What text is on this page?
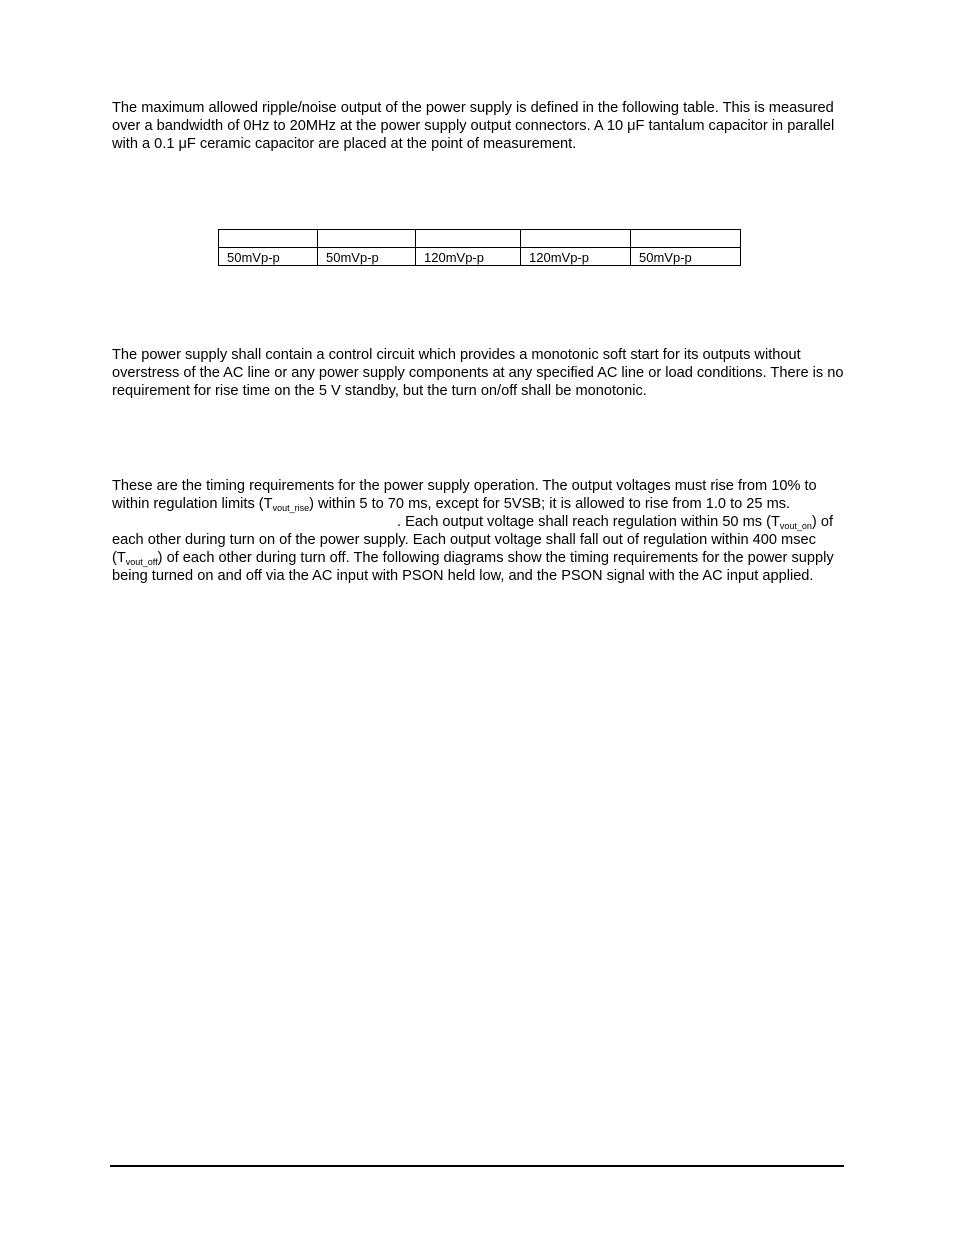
The maximum allowed ripple/noise output of the power supply is defined in the following table. This is measured over a bandwidth of 0Hz to 20MHz at the power supply output connectors. A 10 μF tantalum capacitor in parallel with a 0.1 μF ceramic capacitor are placed at the point of measurement.

50mVp-p	50mVp-p	120mVp-p	120mVp-p	50mVp-p

The power supply shall contain a control circuit which provides a monotonic soft start for its outputs without overstress of the AC line or any power supply components at any specified AC line or load conditions. There is no requirement for rise time on the 5 V standby, but the turn on/off shall be monotonic.

These are the timing requirements for the power supply operation. The output voltages must rise from 10% to within regulation limits $(T_{vout\_rise})$ within 5 to 70 ms, except for 5VSB; it is allowed to rise from 1.0 to 25 ms.. Each output voltage shall reach regulation within 50 ms $(T_{vout\_on})$ of each other during turn on of the power supply. Each output voltage shall fall out of regulation within 400 msec $(T_{vout\_off})$ of each other during turn off. The following diagrams show the timing requirements for the power supply being turned on and off via the AC input with PSON held low, and the PSON signal with the AC input applied.
